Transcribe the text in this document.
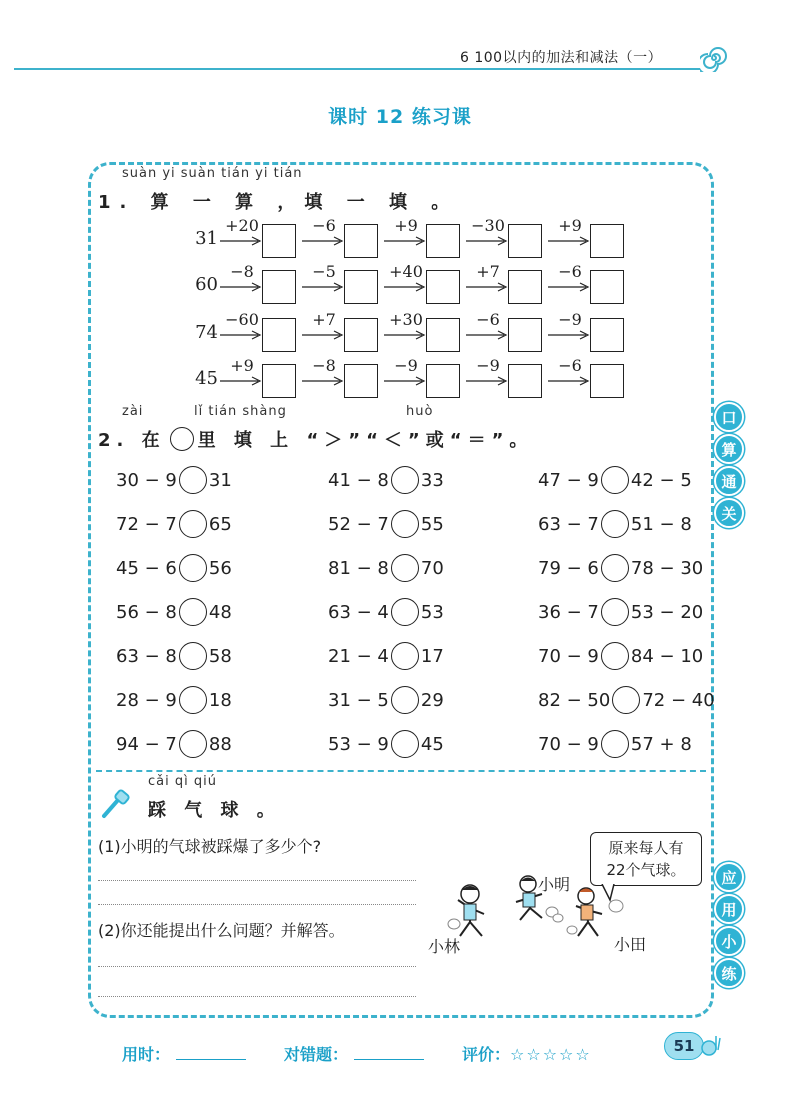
6 100以内的加法和减法（一）
课时 12 练习课
suàn yi suàn tián yi tián
1. 算 一 算 ，填 一 填 。
31
+20	−6	+9	−30	+9
60
−8	−5	+40	+7	−6
74
−60	+7	+30	−6	−9
45
+9	−8	−9	−9	−6
zài	lǐ tián shàng	huò
2. 在 里 填 上 “＞”“＜”或“＝”。
30 − 9 31	41 − 8 33	47 − 9 42 − 5
72 − 7 65	52 − 7 55	63 − 7 51 − 8
45 − 6 56	81 − 8 70	79 − 6 78 − 30
56 − 8 48	63 − 4 53	36 − 7 53 − 20
63 − 8 58	21 − 4 17	70 − 9 84 − 10
28 − 9 18	31 − 5 29	82 − 50 72 − 40
94 − 7 88	53 − 9 45	70 − 9 57 + 8
cǎi qì qiú
踩 气 球 。
(1)小明的气球被踩爆了多少个?
(2)你还能提出什么问题？并解答。
原来每人有
22个气球。
小明
小林	小田
口
算
通
关
应
用
小
练
用时：	对错题：	评价：☆☆☆☆☆	51
